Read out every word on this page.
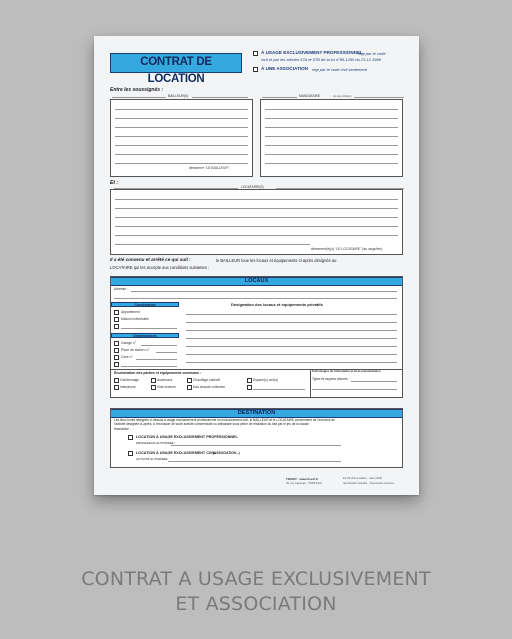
CONTRAT DE LOCATION
À USAGE EXCLUSIVEMENT PROFESSIONNEL
régi par le code
civil et par les articles 57A et 57B de la loi n°86-1290 du 23.12.1986
À UNE ASSOCIATION régi par le code civil seulement
Entre les soussignés :
BAILLEUR(S)	MANDATAIRE	(le cas échéant)
dénommé "LE BAILLEUR",
Et :
LOCATAIRE(S)
dénommé(e)(s) "LE LOCATAIRE" (au singulier),
Il a été convenu et arrêté ce qui suit :	le BAILLEUR loue les locaux et équipements ci-après désignés au
LOCATAIRE qui les accepte aux conditions suivantes :
LOCAUX
Adresse :
Consistance
Appartement
Maison individuelle
Dépendances
Garage n°
Place de station¹ n°
Cave n°
Désignation des locaux et équipements privatifs
Énumération des parties et équipements communs :
Gardiennage	Ascenseur	Chauffage collectif	Espace(s) vert(s)
Interphone	Vide-ordures	Eau chaude collective
Technologies de l'information et de la communication
Types et moyens d'accès :
DESTINATION
Les lieux loués désignés ci-dessus à usage exclusivement professionnel ou exclusivement civil, le BAILLEUR et le LOCATAIRE conviennent de l'exercice de
l'activité désignée ci-après, à l'exclusion de toute activité commerciale ou artisanale sous peine de résiliation du bail par le jeu de la clause
résolutoire :
LOCATION À USAGE EXCLUSIVEMENT PROFESSIONNEL
PROFESSION AUTORISÉE :
LOCATION À USAGE EXCLUSIVEMENT CIVIL
(ASSOCIATION...)
ACTIVITÉ AUTORISÉE :
TISSOT · www.tissot.fr
36, rue Lagrange · 75005 Paris
EC 09 (7ème édition - mars 2024)
reproduction interdite · Sous toutes réserves
CONTRAT A USAGE EXCLUSIVEMENT
ET ASSOCIATION
